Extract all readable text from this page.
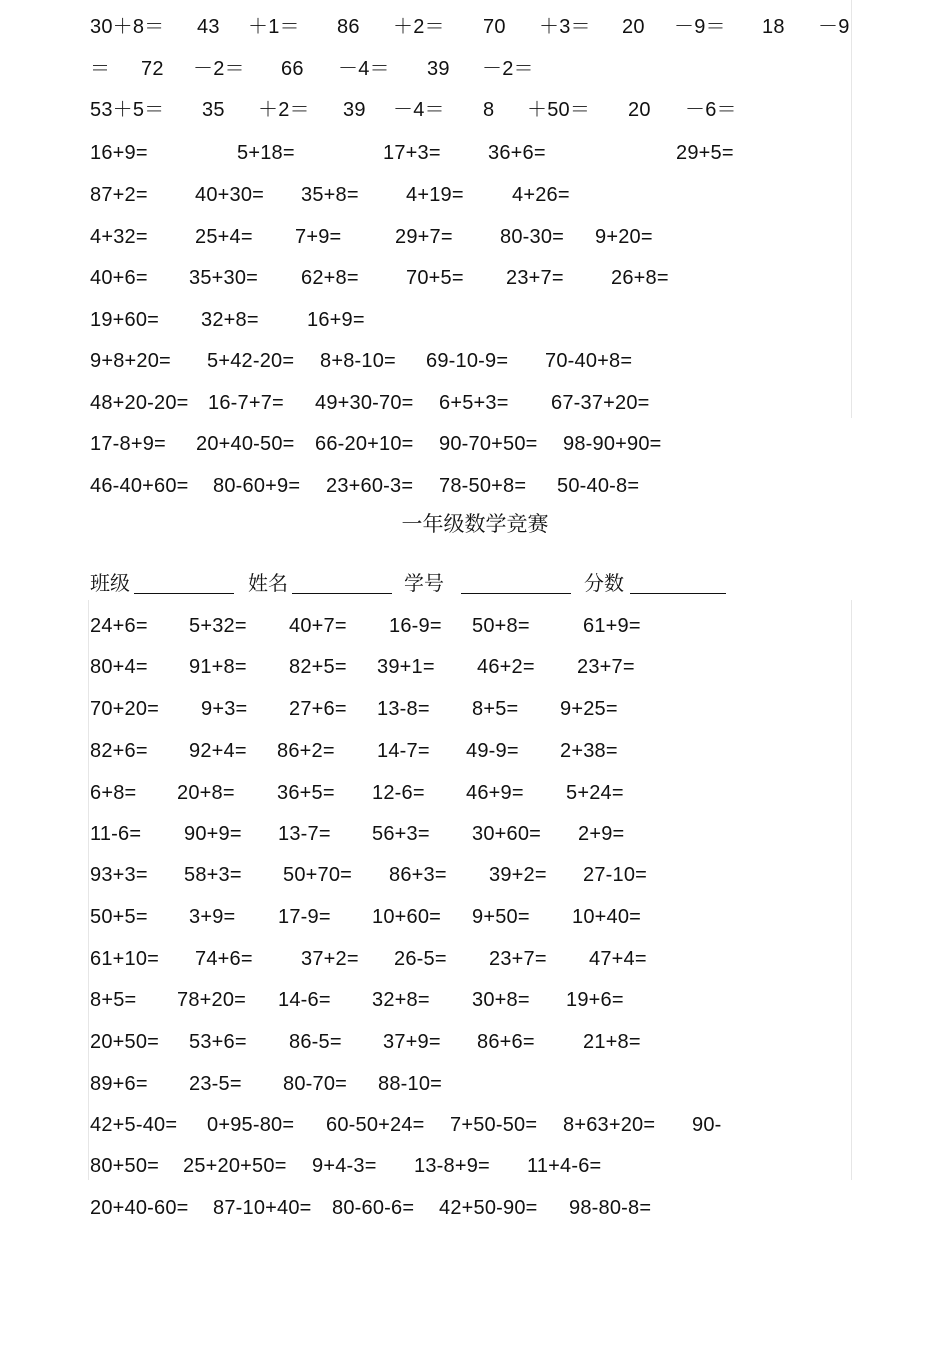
30＋8＝ 43 ＋1＝ 86 ＋2＝ 70 ＋3＝ 20 －9＝ 18 －9
＝ 72 －2＝ 66 －4＝ 39 －2＝
53＋5＝ 35 ＋2＝ 39 －4＝ 8 ＋50＝ 20 －6＝
16+9=	5+18=	17+3= 36+6=	29+5=
87+2= 40+30= 35+8= 4+19= 4+26=
4+32= 25+4= 7+9=	29+7= 80-30= 9+20=
40+6= 35+30= 62+8= 70+5= 23+7= 26+8=
19+60= 32+8= 16+9=
9+8+20= 5+42-20= 8+8-10= 69-10-9= 70-40+8=
48+20-20= 16-7+7= 49+30-70= 6+5+3= 67-37+20=
17-8+9= 20+40-50= 66-20+10= 90-70+50= 98-90+90=
46-40+60= 80-60+9= 23+60-3= 78-50+8= 50-40-8=
一年级数学竞赛
班级	姓名	学号	分数
24+6= 5+32= 40+7= 16-9= 50+8=	61+9=
80+4= 91+8= 82+5= 39+1= 46+2= 23+7=
70+20= 9+3= 27+6= 13-8= 8+5= 9+25=
82+6= 92+4= 86+2= 14-7= 49-9= 2+38=
6+8= 20+8= 36+5= 12-6= 46+9= 5+24=
11-6= 90+9= 13-7= 56+3= 30+60= 2+9=
93+3= 58+3= 50+70= 86+3= 39+2= 27-10=
50+5= 3+9= 17-9= 10+60= 9+50= 10+40=
61+10= 74+6= 37+2= 26-5= 23+7= 47+4=
8+5= 78+20= 14-6= 32+8= 30+8= 19+6=
20+50= 53+6= 86-5= 37+9= 86+6= 21+8=
89+6= 23-5= 80-70= 88-10=
42+5-40= 0+95-80= 60-50+24= 7+50-50= 8+63+20= 90-
80+50= 25+20+50= 9+4-3= 13-8+9= 11+4-6=
20+40-60= 87-10+40= 80-60-6= 42+50-90= 98-80-8=
